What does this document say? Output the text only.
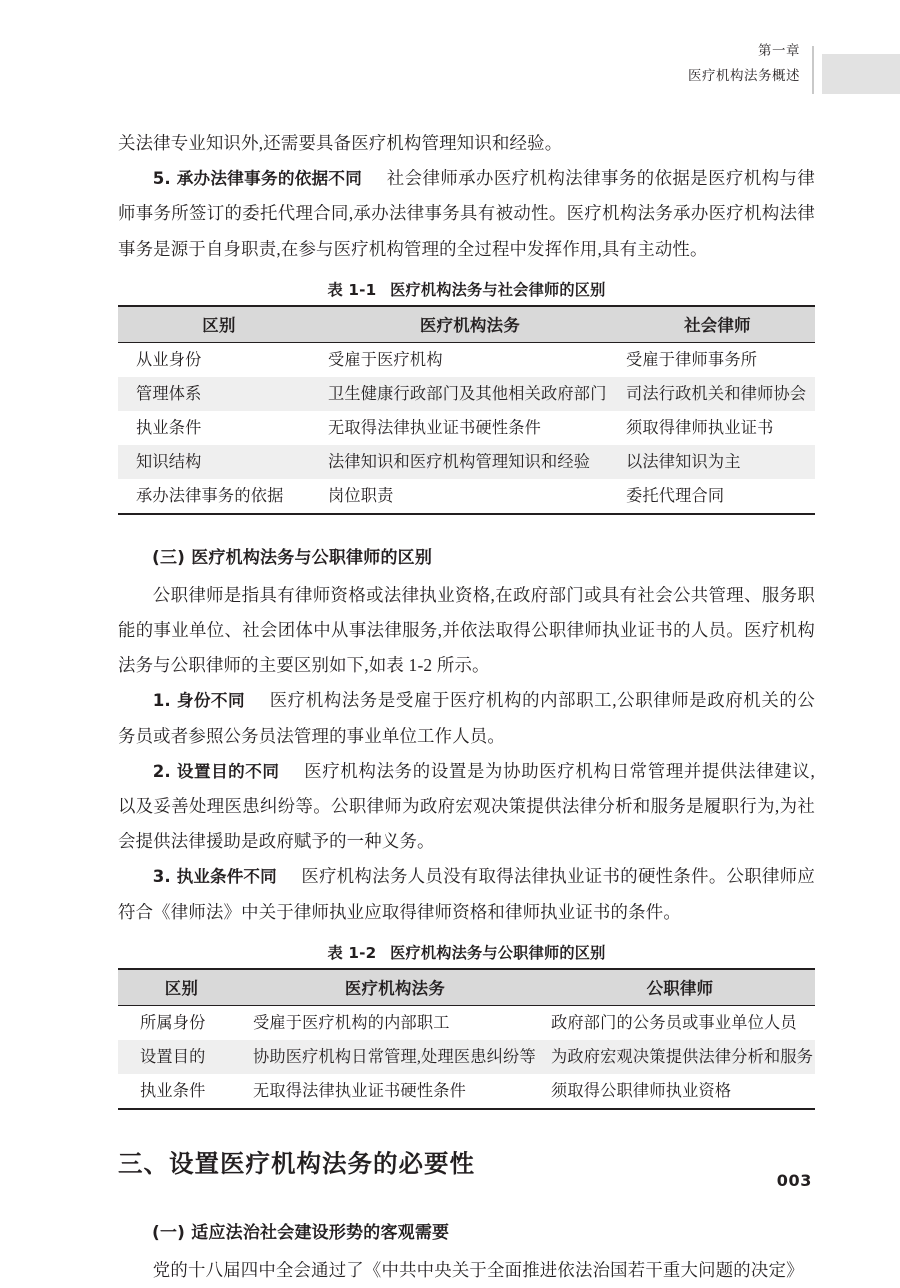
第一章
医疗机构法务概述

关法律专业知识外,还需要具备医疗机构管理知识和经验。

5. 承办法律事务的依据不同 社会律师承办医疗机构法律事务的依据是医疗机构与律师事务所签订的委托代理合同,承办法律事务具有被动性。医疗机构法务承办医疗机构法律事务是源于自身职责,在参与医疗机构管理的全过程中发挥作用,具有主动性。

表 1-1 医疗机构法务与社会律师的区别
区别	医疗机构法务	社会律师
从业身份	受雇于医疗机构	受雇于律师事务所
管理体系	卫生健康行政部门及其他相关政府部门	司法行政机关和律师协会
执业条件	无取得法律执业证书硬性条件	须取得律师执业证书
知识结构	法律知识和医疗机构管理知识和经验	以法律知识为主
承办法律事务的依据	岗位职责	委托代理合同
(三) 医疗机构法务与公职律师的区别

公职律师是指具有律师资格或法律执业资格,在政府部门或具有社会公共管理、服务职能的事业单位、社会团体中从事法律服务,并依法取得公职律师执业证书的人员。医疗机构法务与公职律师的主要区别如下,如表 1-2 所示。

1. 身份不同 医疗机构法务是受雇于医疗机构的内部职工,公职律师是政府机关的公务员或者参照公务员法管理的事业单位工作人员。

2. 设置目的不同 医疗机构法务的设置是为协助医疗机构日常管理并提供法律建议,以及妥善处理医患纠纷等。公职律师为政府宏观决策提供法律分析和服务是履职行为,为社会提供法律援助是政府赋予的一种义务。

3. 执业条件不同 医疗机构法务人员没有取得法律执业证书的硬性条件。公职律师应符合《律师法》中关于律师执业应取得律师资格和律师执业证书的条件。

表 1-2 医疗机构法务与公职律师的区别
区别	医疗机构法务	公职律师
所属身份	受雇于医疗机构的内部职工	政府部门的公务员或事业单位人员
设置目的	协助医疗机构日常管理,处理医患纠纷等	为政府宏观决策提供法律分析和服务
执业条件	无取得法律执业证书硬性条件	须取得公职律师执业资格
三、设置医疗机构法务的必要性
(一) 适应法治社会建设形势的客观需要

党的十八届四中全会通过了《中共中央关于全面推进依法治国若干重大问题的决定》

003
